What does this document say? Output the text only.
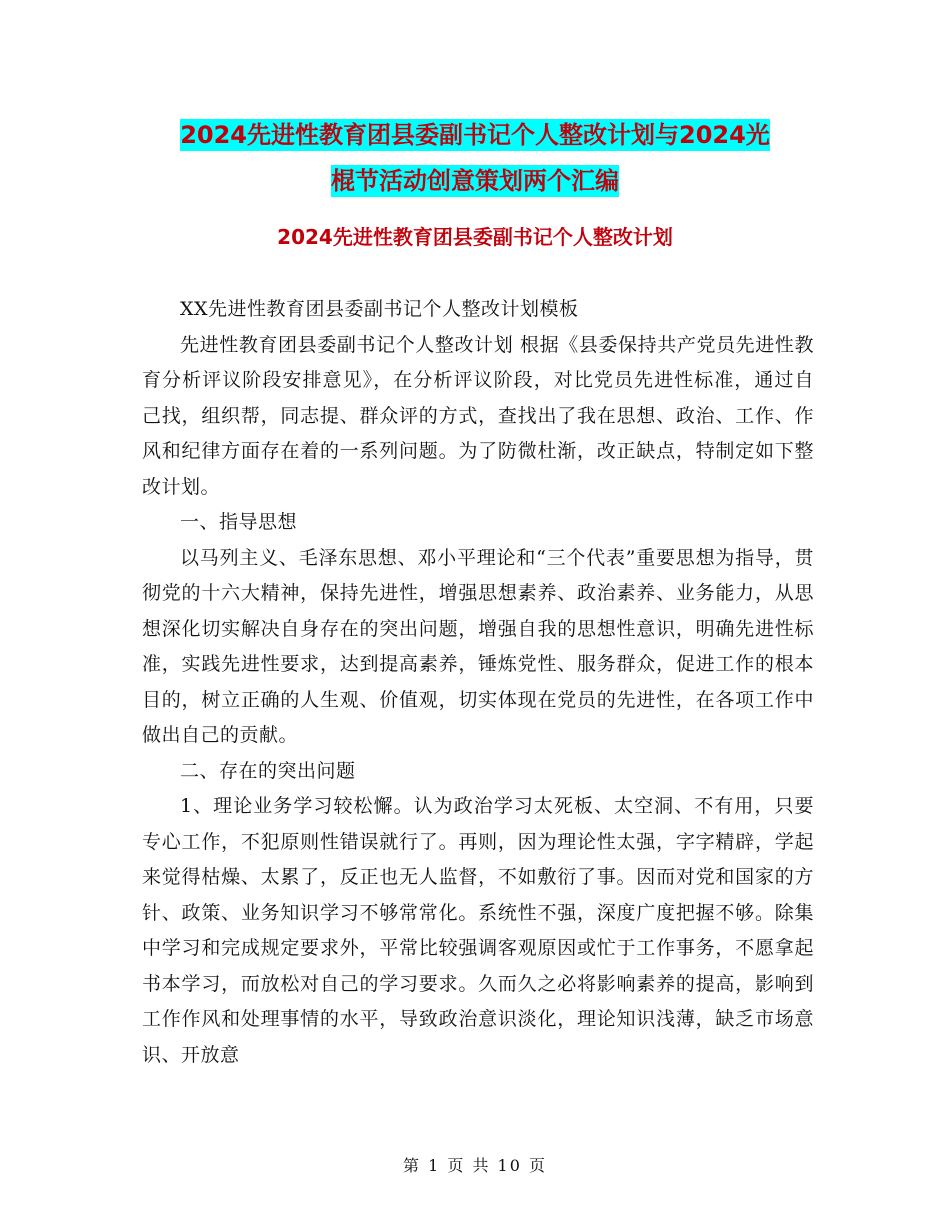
2024先进性教育团县委副书记个人整改计划与2024光
棍节活动创意策划两个汇编
2024先进性教育团县委副书记个人整改计划

XX先进性教育团县委副书记个人整改计划模板

先进性教育团县委副书记个人整改计划 根据《县委保持共产党员先进性教育分析评议阶段安排意见》，在分析评议阶段，对比党员先进性标准，通过自己找，组织帮，同志提、群众评的方式，查找出了我在思想、政治、工作、作风和纪律方面存在着的一系列问题。为了防微杜渐，改正缺点，特制定如下整改计划。

一、指导思想

以马列主义、毛泽东思想、邓小平理论和“三个代表”重要思想为指导，贯彻党的十六大精神，保持先进性，增强思想素养、政治素养、业务能力，从思想深化切实解决自身存在的突出问题，增强自我的思想性意识，明确先进性标准，实践先进性要求，达到提高素养，锤炼党性、服务群众，促进工作的根本目的，树立正确的人生观、价值观，切实体现在党员的先进性，在各项工作中做出自己的贡献。

二、存在的突出问题

1、理论业务学习较松懈。认为政治学习太死板、太空洞、不有用，只要专心工作，不犯原则性错误就行了。再则，因为理论性太强，字字精辟，学起来觉得枯燥、太累了，反正也无人监督，不如敷衍了事。因而对党和国家的方针、政策、业务知识学习不够常常化。系统性不强，深度广度把握不够。除集中学习和完成规定要求外，平常比较强调客观原因或忙于工作事务，不愿拿起书本学习，而放松对自己的学习要求。久而久之必将影响素养的提高，影响到工作作风和处理事情的水平，导致政治意识淡化，理论知识浅薄，缺乏市场意识、开放意

第 1 页 共 10 页
